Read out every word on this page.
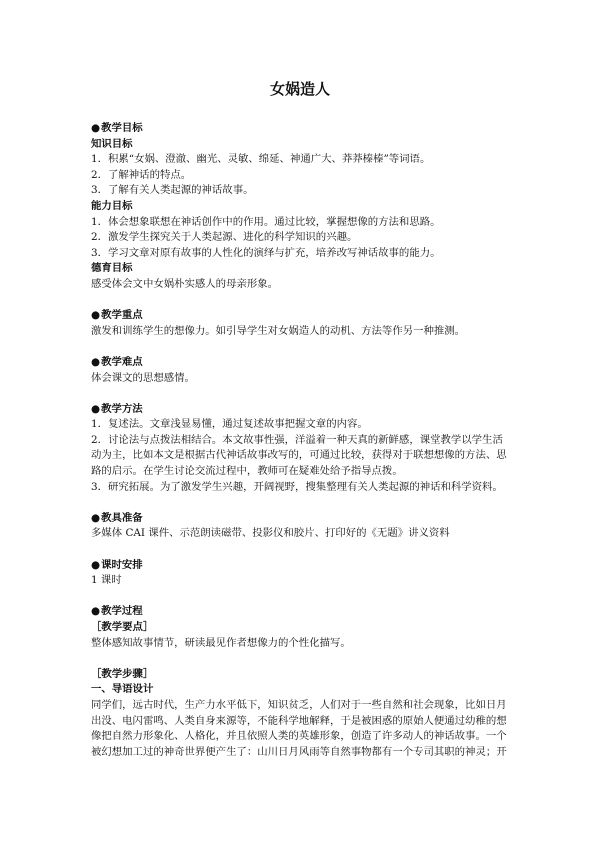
女娲造人

●教学目标

知识目标

1．积累“女娲、澄澈、幽光、灵敏、绵延、神通广大、莽莽榛榛”等词语。

2．了解神话的特点。

3．了解有关人类起源的神话故事。

能力目标

1．体会想象联想在神话创作中的作用。通过比较，掌握想像的方法和思路。

2．激发学生探究关于人类起源、进化的科学知识的兴趣。

3．学习文章对原有故事的人性化的演绎与扩充，培养改写神话故事的能力。

德育目标

感受体会文中女娲朴实感人的母亲形象。

●教学重点

激发和训练学生的想像力。如引导学生对女娲造人的动机、方法等作另一种推测。

●教学难点

体会课文的思想感情。

●教学方法

1．复述法。文章浅显易懂，通过复述故事把握文章的内容。

2．讨论法与点拨法相结合。本文故事性强，洋溢着一种天真的新鲜感，课堂教学以学生活

动为主，比如本文是根据古代神话故事改写的，可通过比较，获得对于联想想像的方法、思

路的启示。在学生讨论交流过程中，教师可在疑难处给予指导点拨。

3．研究拓展。为了激发学生兴趣，开阔视野，搜集整理有关人类起源的神话和科学资料。

●教具准备

多媒体 CAI 课件、示范朗读磁带、投影仪和胶片、打印好的《无题》讲义资料

●课时安排

1 课时

●教学过程

［教学要点］

整体感知故事情节，研读最见作者想像力的个性化描写。

［教学步骤］

一、导语设计

同学们，远古时代，生产力水平低下，知识贫乏，人们对于一些自然和社会现象，比如日月

出没、电闪雷鸣、人类自身来源等，不能科学地解释，于是被困惑的原始人便通过幼稚的想

像把自然力形象化、人格化，并且依照人类的英雄形象，创造了许多动人的神话故事。一个

被幻想加工过的神奇世界便产生了：山川日月风雨等自然事物都有一个专司其职的神灵；开
